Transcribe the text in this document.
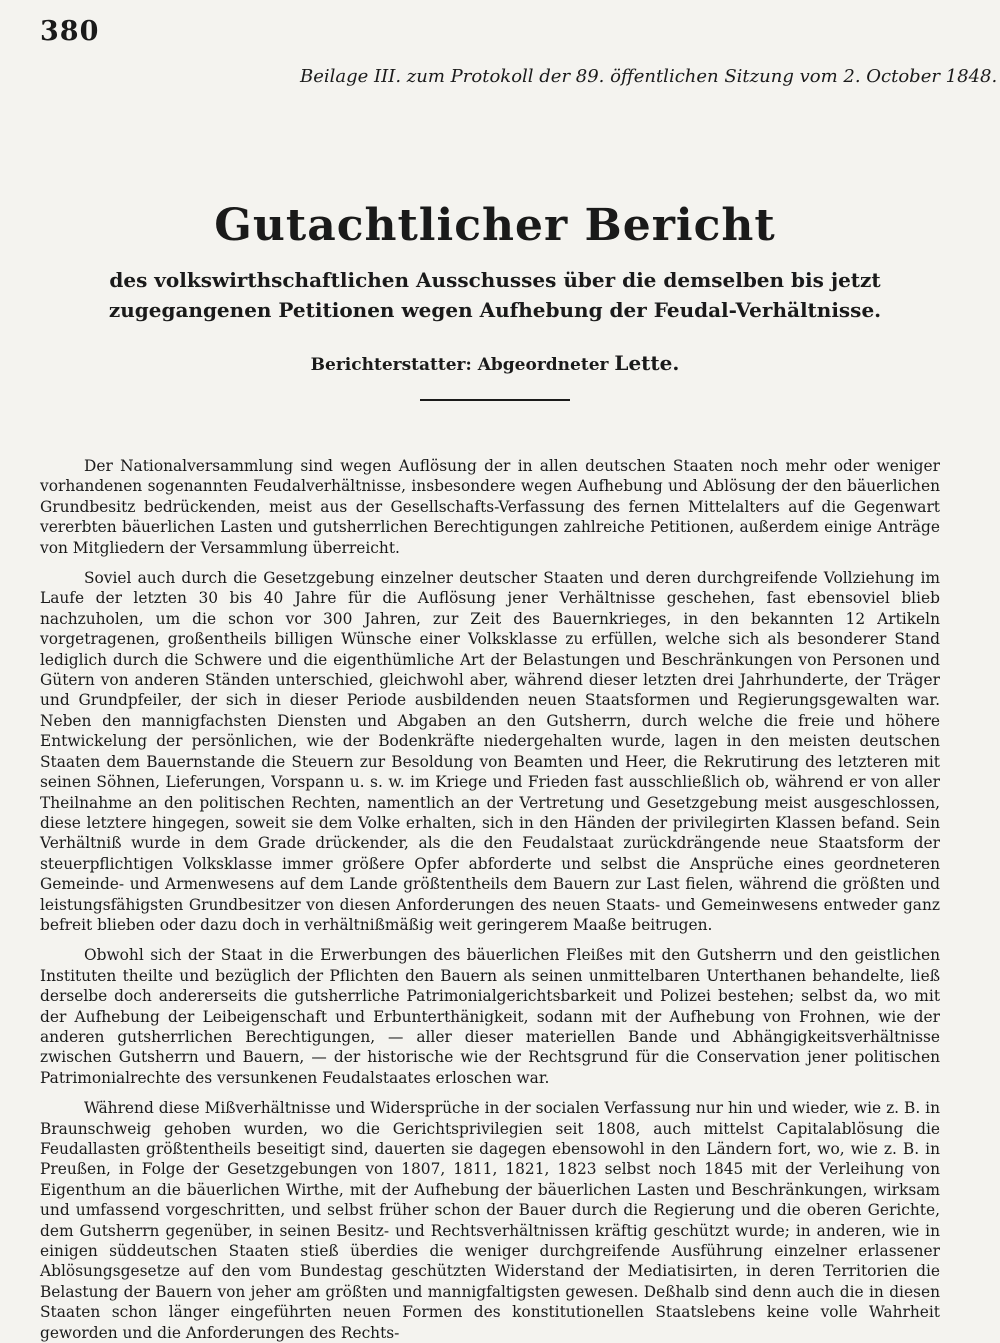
380
Beilage III. zum Protokoll der 89. öffentlichen Sitzung vom 2. October 1848.
Gutachtlicher Bericht

des volkswirthschaftlichen Ausschusses über die demselben bis jetzt zugegangenen Petitionen wegen Aufhebung der Feudal-Verhältnisse.

Berichterstatter: Abgeordneter Lette.

Der Nationalversammlung sind wegen Auflösung der in allen deutschen Staaten noch mehr oder weniger vorhandenen sogenannten Feudalverhältnisse, insbesondere wegen Aufhebung und Ablösung der den bäuerlichen Grundbesitz bedrückenden, meist aus der Gesellschafts-Verfassung des fernen Mittelalters auf die Gegenwart vererbten bäuerlichen Lasten und gutsherrlichen Berechtigungen zahlreiche Petitionen, außerdem einige Anträge von Mitgliedern der Versammlung überreicht.

Soviel auch durch die Gesetzgebung einzelner deutscher Staaten und deren durchgreifende Vollziehung im Laufe der letzten 30 bis 40 Jahre für die Auflösung jener Verhältnisse geschehen, fast ebensoviel blieb nachzuholen, um die schon vor 300 Jahren, zur Zeit des Bauernkrieges, in den bekannten 12 Artikeln vorgetragenen, großentheils billigen Wünsche einer Volksklasse zu erfüllen, welche sich als besonderer Stand lediglich durch die Schwere und die eigenthümliche Art der Belastungen und Beschränkungen von Personen und Gütern von anderen Ständen unterschied, gleichwohl aber, während dieser letzten drei Jahrhunderte, der Träger und Grundpfeiler, der sich in dieser Periode ausbildenden neuen Staatsformen und Regierungsgewalten war. Neben den mannigfachsten Diensten und Abgaben an den Gutsherrn, durch welche die freie und höhere Entwickelung der persönlichen, wie der Bodenkräfte niedergehalten wurde, lagen in den meisten deutschen Staaten dem Bauernstande die Steuern zur Besoldung von Beamten und Heer, die Rekrutirung des letzteren mit seinen Söhnen, Lieferungen, Vorspann u. s. w. im Kriege und Frieden fast ausschließlich ob, während er von aller Theilnahme an den politischen Rechten, namentlich an der Vertretung und Gesetzgebung meist ausgeschlossen, diese letztere hingegen, soweit sie dem Volke erhalten, sich in den Händen der privilegirten Klassen befand. Sein Verhältniß wurde in dem Grade drückender, als die den Feudalstaat zurückdrängende neue Staatsform der steuerpflichtigen Volksklasse immer größere Opfer abforderte und selbst die Ansprüche eines geordneteren Gemeinde- und Armenwesens auf dem Lande größtentheils dem Bauern zur Last fielen, während die größten und leistungsfähigsten Grundbesitzer von diesen Anforderungen des neuen Staats- und Gemeinwesens entweder ganz befreit blieben oder dazu doch in verhältnißmäßig weit geringerem Maaße beitrugen.

Obwohl sich der Staat in die Erwerbungen des bäuerlichen Fleißes mit den Gutsherrn und den geistlichen Instituten theilte und bezüglich der Pflichten den Bauern als seinen unmittelbaren Unterthanen behandelte, ließ derselbe doch andererseits die gutsherrliche Patrimonialgerichtsbarkeit und Polizei bestehen; selbst da, wo mit der Aufhebung der Leibeigenschaft und Erbunterthänigkeit, sodann mit der Aufhebung von Frohnen, wie der anderen gutsherrlichen Berechtigungen, — aller dieser materiellen Bande und Abhängigkeitsverhältnisse zwischen Gutsherrn und Bauern, — der historische wie der Rechtsgrund für die Conservation jener politischen Patrimonialrechte des versunkenen Feudalstaates erloschen war.

Während diese Mißverhältnisse und Widersprüche in der socialen Verfassung nur hin und wieder, wie z. B. in Braunschweig gehoben wurden, wo die Gerichtsprivilegien seit 1808, auch mittelst Capitalablösung die Feudallasten größtentheils beseitigt sind, dauerten sie dagegen ebensowohl in den Ländern fort, wo, wie z. B. in Preußen, in Folge der Gesetzgebungen von 1807, 1811, 1821, 1823 selbst noch 1845 mit der Verleihung von Eigenthum an die bäuerlichen Wirthe, mit der Aufhebung der bäuerlichen Lasten und Beschränkungen, wirksam und umfassend vorgeschritten, und selbst früher schon der Bauer durch die Regierung und die oberen Gerichte, dem Gutsherrn gegenüber, in seinen Besitz- und Rechtsverhältnissen kräftig geschützt wurde; in anderen, wie in einigen süddeutschen Staaten stieß überdies die weniger durchgreifende Ausführung einzelner erlassener Ablösungsgesetze auf den vom Bundestag geschützten Widerstand der Mediatisirten, in deren Territorien die Belastung der Bauern von jeher am größten und mannigfaltigsten gewesen. Deßhalb sind denn auch die in diesen Staaten schon länger eingeführten neuen Formen des konstitutionellen Staatslebens keine volle Wahrheit geworden und die Anforderungen des Rechts-
